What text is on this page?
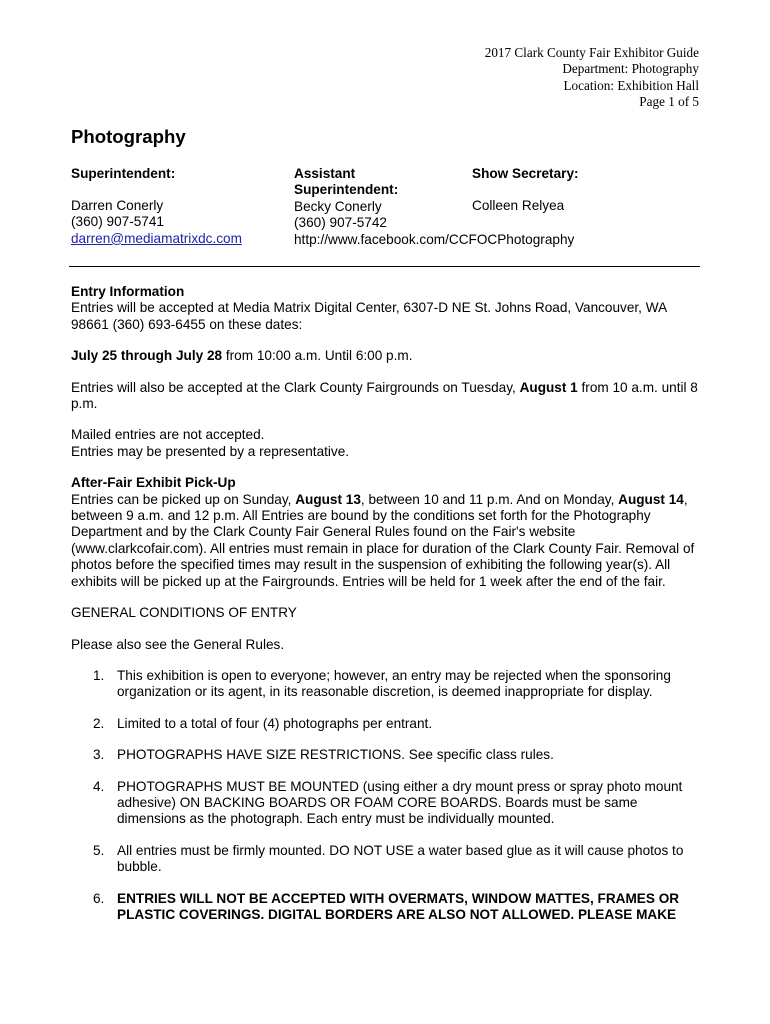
2017 Clark County Fair Exhibitor Guide
Department: Photography
Location: Exhibition Hall
Page 1 of 5
Photography
Superintendent:
Darren Conerly
(360) 907-5741
darren@mediamatrixdc.com
Assistant
Superintendent:
Becky Conerly
(360) 907-5742
http://www.facebook.com/CCFOCPhotography
Show Secretary:
Colleen Relyea

Entry Information

Entries will be accepted at Media Matrix Digital Center, 6307-D NE St. Johns Road, Vancouver, WA 98661 (360) 693-6455 on these dates:

July 25 through July 28 from 10:00 a.m. Until 6:00 p.m.

Entries will also be accepted at the Clark County Fairgrounds on Tuesday, August 1 from 10 a.m. until 8 p.m.

Mailed entries are not accepted.

Entries may be presented by a representative.

After-Fair Exhibit Pick-Up

Entries can be picked up on Sunday, August 13, between 10 and 11 p.m. And on Monday, August 14, between 9 a.m. and 12 p.m. All Entries are bound by the conditions set forth for the Photography Department and by the Clark County Fair General Rules found on the Fair's website (www.clarkcofair.com). All entries must remain in place for duration of the Clark County Fair. Removal of photos before the specified times may result in the suspension of exhibiting the following year(s). All exhibits will be picked up at the Fairgrounds. Entries will be held for 1 week after the end of the fair.

GENERAL CONDITIONS OF ENTRY

Please also see the General Rules.

1. This exhibition is open to everyone; however, an entry may be rejected when the sponsoring organization or its agent, in its reasonable discretion, is deemed inappropriate for display.
2. Limited to a total of four (4) photographs per entrant.
3. PHOTOGRAPHS HAVE SIZE RESTRICTIONS. See specific class rules.
4. PHOTOGRAPHS MUST BE MOUNTED (using either a dry mount press or spray photo mount adhesive) ON BACKING BOARDS OR FOAM CORE BOARDS. Boards must be same dimensions as the photograph. Each entry must be individually mounted.
5. All entries must be firmly mounted. DO NOT USE a water based glue as it will cause photos to bubble.
6. ENTRIES WILL NOT BE ACCEPTED WITH OVERMATS, WINDOW MATTES, FRAMES OR PLASTIC COVERINGS. DIGITAL BORDERS ARE ALSO NOT ALLOWED. PLEASE MAKE
